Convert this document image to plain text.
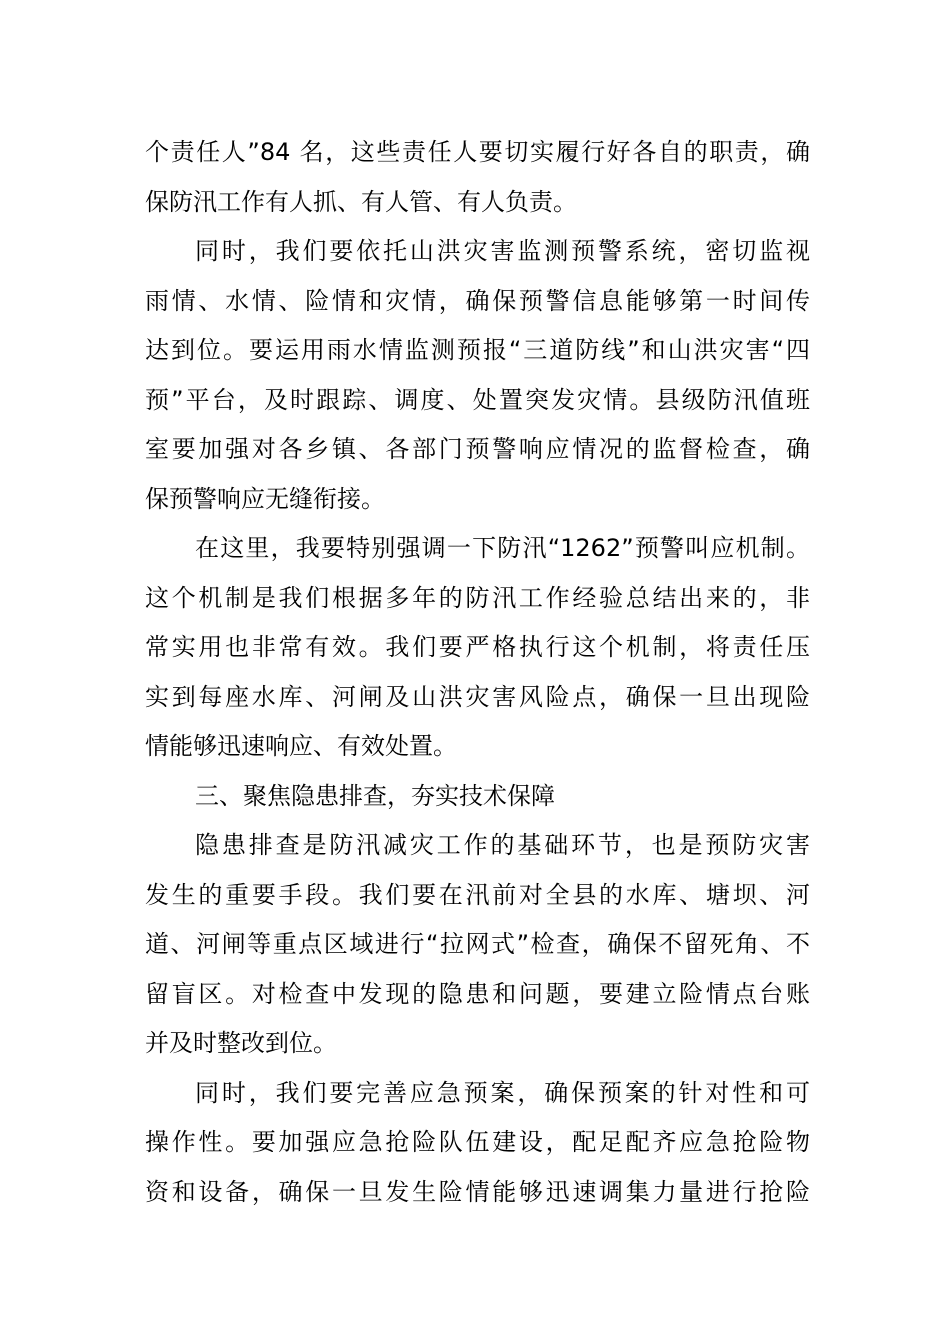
个责任人”84 名，这些责任人要切实履行好各自的职责，确
保防汛工作有人抓、有人管、有人负责。
同时，我们要依托山洪灾害监测预警系统，密切监视
雨情、水情、险情和灾情，确保预警信息能够第一时间传
达到位。要运用雨水情监测预报“三道防线”和山洪灾害“四
预”平台，及时跟踪、调度、处置突发灾情。县级防汛值班
室要加强对各乡镇、各部门预警响应情况的监督检查，确
保预警响应无缝衔接。
在这里，我要特别强调一下防汛“1262”预警叫应机制。
这个机制是我们根据多年的防汛工作经验总结出来的，非
常实用也非常有效。我们要严格执行这个机制，将责任压
实到每座水库、河闸及山洪灾害风险点，确保一旦出现险
情能够迅速响应、有效处置。
三、聚焦隐患排查，夯实技术保障
隐患排查是防汛减灾工作的基础环节，也是预防灾害
发生的重要手段。我们要在汛前对全县的水库、塘坝、河
道、河闸等重点区域进行“拉网式”检查，确保不留死角、不
留盲区。对检查中发现的隐患和问题，要建立险情点台账
并及时整改到位。
同时，我们要完善应急预案，确保预案的针对性和可
操作性。要加强应急抢险队伍建设，配足配齐应急抢险物
资和设备，确保一旦发生险情能够迅速调集力量进行抢险
